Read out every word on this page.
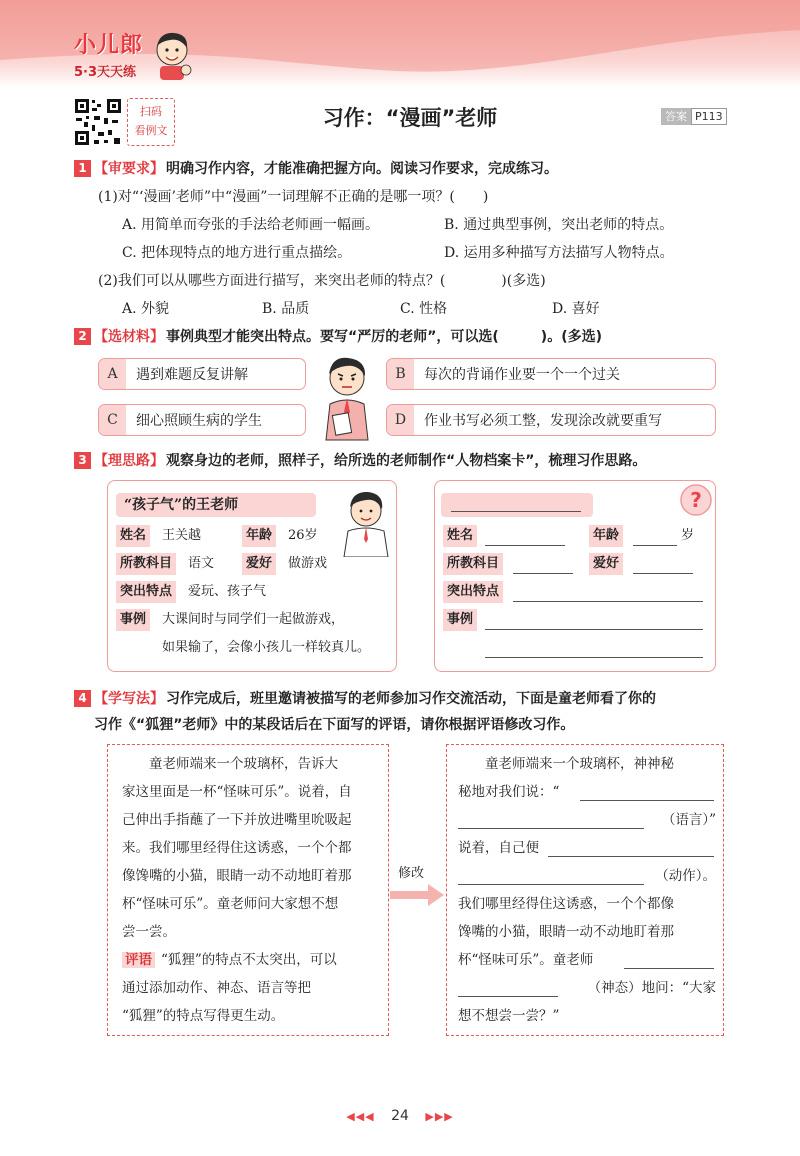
小儿郎
5·3天天练
扫码
看例文
习作：“漫画”老师	答案 P113
1 【审要求】 明确习作内容，才能准确把握方向。阅读习作要求，完成练习。
(1)对“‘漫画’老师”中“漫画”一词理解不正确的是哪一项？(　　)
A. 用简单而夸张的手法给老师画一幅画。	B. 通过典型事例，突出老师的特点。
C. 把体现特点的地方进行重点描绘。	D. 运用多种描写方法描写人物特点。
(2)我们可以从哪些方面进行描写，来突出老师的特点？(　　　　)(多选)
A. 外貌	B. 品质	C. 性格	D. 喜好
2 【选材料】 事例典型才能突出特点。要写“严厉的老师”，可以选(　　　)。(多选)
A	遇到难题反复讲解	B	每次的背诵作业要一个一个过关
C	细心照顾生病的学生	D	作业书写必须工整，发现涂改就要重写
3 【理思路】 观察身边的老师，照样子，给所选的老师制作“人物档案卡”，梳理习作思路。
“孩子气”的王老师
姓名	王关越	年龄	26岁
所教科目	语文	爱好	做游戏
突出特点	爱玩、孩子气
事例	大课间时与同学们一起做游戏，
如果输了，会像小孩儿一样较真儿。
?
姓名	年龄	岁
所教科目	爱好
突出特点
事例
4 【学写法】 习作完成后，班里邀请被描写的老师参加习作交流活动，下面是童老师看了你的
习作《“狐狸”老师》中的某段话后在下面写的评语，请你根据评语修改习作。
童老师端来一个玻璃杯，告诉大
家这里面是一杯“怪味可乐”。说着，自
己伸出手指蘸了一下并放进嘴里吮吸起
来。我们哪里经得住这诱惑，一个个都
像馋嘴的小猫，眼睛一动不动地盯着那
杯“怪味可乐”。童老师问大家想不想
尝一尝。
评语 “狐狸”的特点不太突出，可以
通过添加动作、神态、语言等把
“狐狸”的特点写得更生动。
修改
童老师端来一个玻璃杯，神神秘
秘地对我们说：“
（语言）”
说着，自己便
（动作）。
我们哪里经得住这诱惑，一个个都像
馋嘴的小猫，眼睛一动不动地盯着那
杯“怪味可乐”。童老师
（神态）地问：“大家
想不想尝一尝？”
◀◀◀ 24 ▶▶▶
